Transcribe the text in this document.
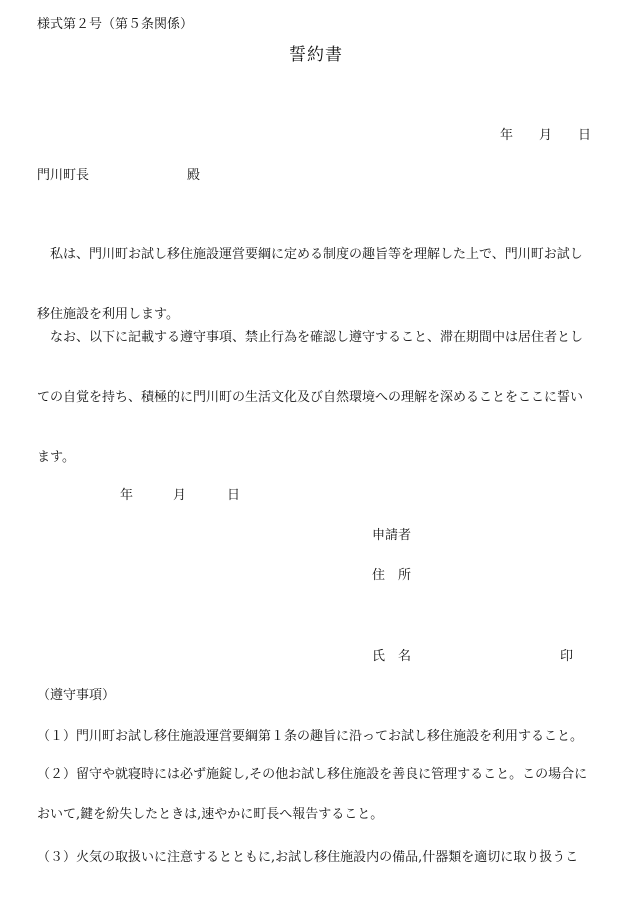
様式第２号（第５条関係）
誓約書
年 月 日
門川町長	殿

私は、門川町お試し移住施設運営要綱に定める制度の趣旨等を理解した上で、門川町お試し移住施設を利用します。

なお、以下に記載する遵守事項、禁止行為を確認し遵守すること、滞在期間中は居住者としての自覚を持ち、積極的に門川町の生活文化及び自然環境への理解を深めることをここに誓います。

年	月	日
申請者
住　所
氏　名	印
（遵守事項）
（１）門川町お試し移住施設運営要綱第１条の趣旨に沿ってお試し移住施設を利用すること。
（２）留守や就寝時には必ず施錠し,その他お試し移住施設を善良に管理すること。この場合において,鍵を紛失したときは,速やかに町長へ報告すること。
（３）火気の取扱いに注意するとともに,お試し移住施設内の備品,什器類を適切に取り扱うこ
